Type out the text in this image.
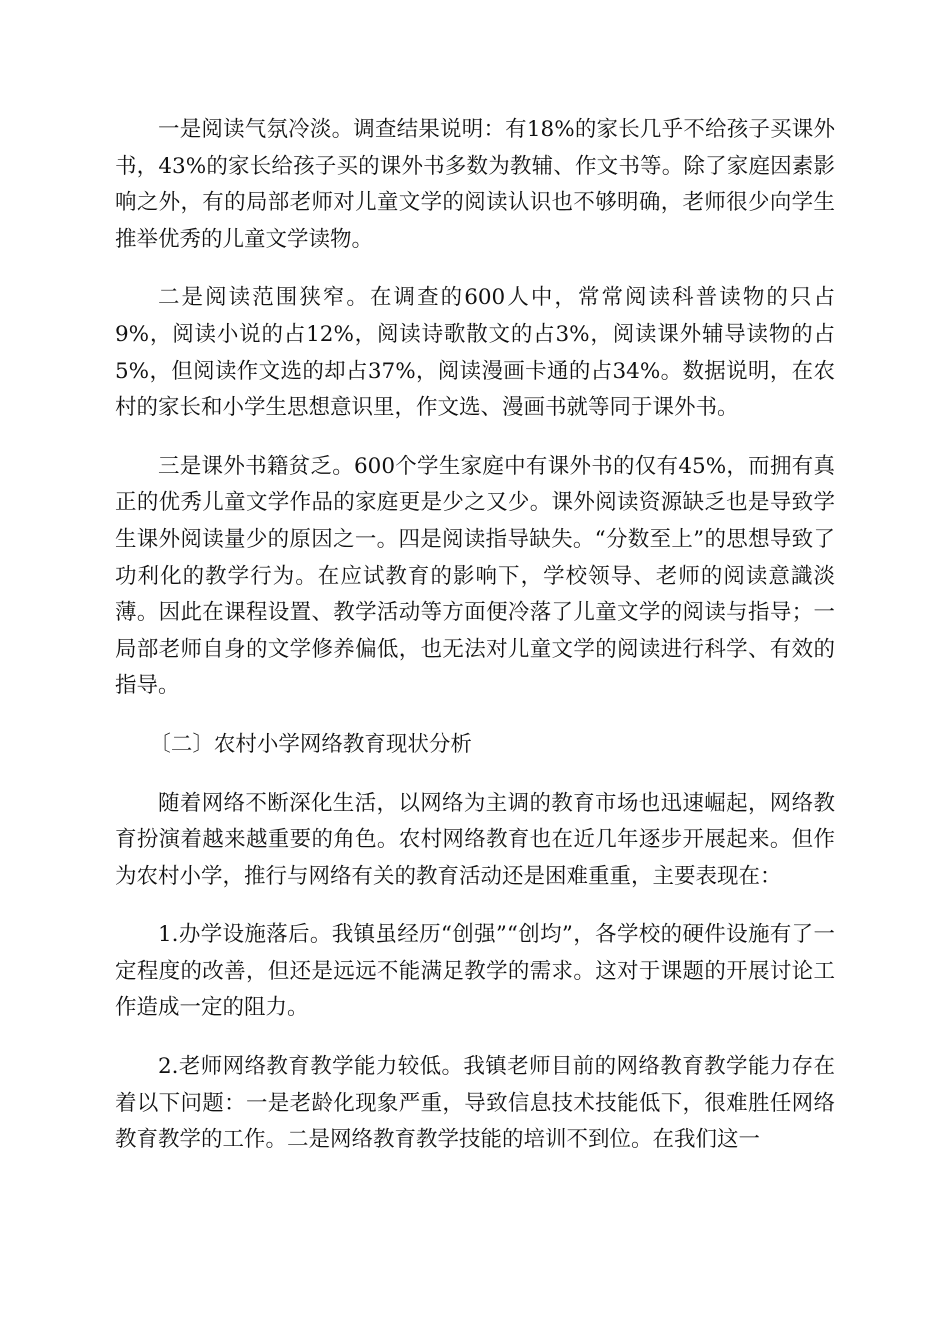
一是阅读气氛冷淡。调查结果说明：有18%的家长几乎不给孩子买课外书，43%的家长给孩子买的课外书多数为教辅、作文书等。除了家庭因素影响之外，有的局部老师对儿童文学的阅读认识也不够明确，老师很少向学生推举优秀的儿童文学读物。

二是阅读范围狭窄。在调查的600人中，常常阅读科普读物的只占9%，阅读小说的占12%，阅读诗歌散文的占3%，阅读课外辅导读物的占5%，但阅读作文选的却占37%，阅读漫画卡通的占34%。数据说明，在农村的家长和小学生思想意识里，作文选、漫画书就等同于课外书。

三是课外书籍贫乏。600个学生家庭中有课外书的仅有45%，而拥有真正的优秀儿童文学作品的家庭更是少之又少。课外阅读资源缺乏也是导致学生课外阅读量少的原因之一。四是阅读指导缺失。“分数至上”的思想导致了功利化的教学行为。在应试教育的影响下，学校领导、老师的阅读意識淡薄。因此在课程设置、教学活动等方面便冷落了儿童文学的阅读与指导；一局部老师自身的文学修养偏低，也无法对儿童文学的阅读进行科学、有效的指导。

〔二〕农村小学网络教育现状分析

随着网络不断深化生活，以网络为主调的教育市场也迅速崛起，网络教育扮演着越来越重要的角色。农村网络教育也在近几年逐步开展起来。但作为农村小学，推行与网络有关的教育活动还是困难重重，主要表现在：

1.办学设施落后。我镇虽经历“创强”“创均”，各学校的硬件设施有了一定程度的改善，但还是远远不能满足教学的需求。这对于课题的开展讨论工作造成一定的阻力。

2.老师网络教育教学能力较低。我镇老师目前的网络教育教学能力存在着以下问题：一是老龄化现象严重，导致信息技术技能低下，很难胜任网络教育教学的工作。二是网络教育教学技能的培训不到位。在我们这一
